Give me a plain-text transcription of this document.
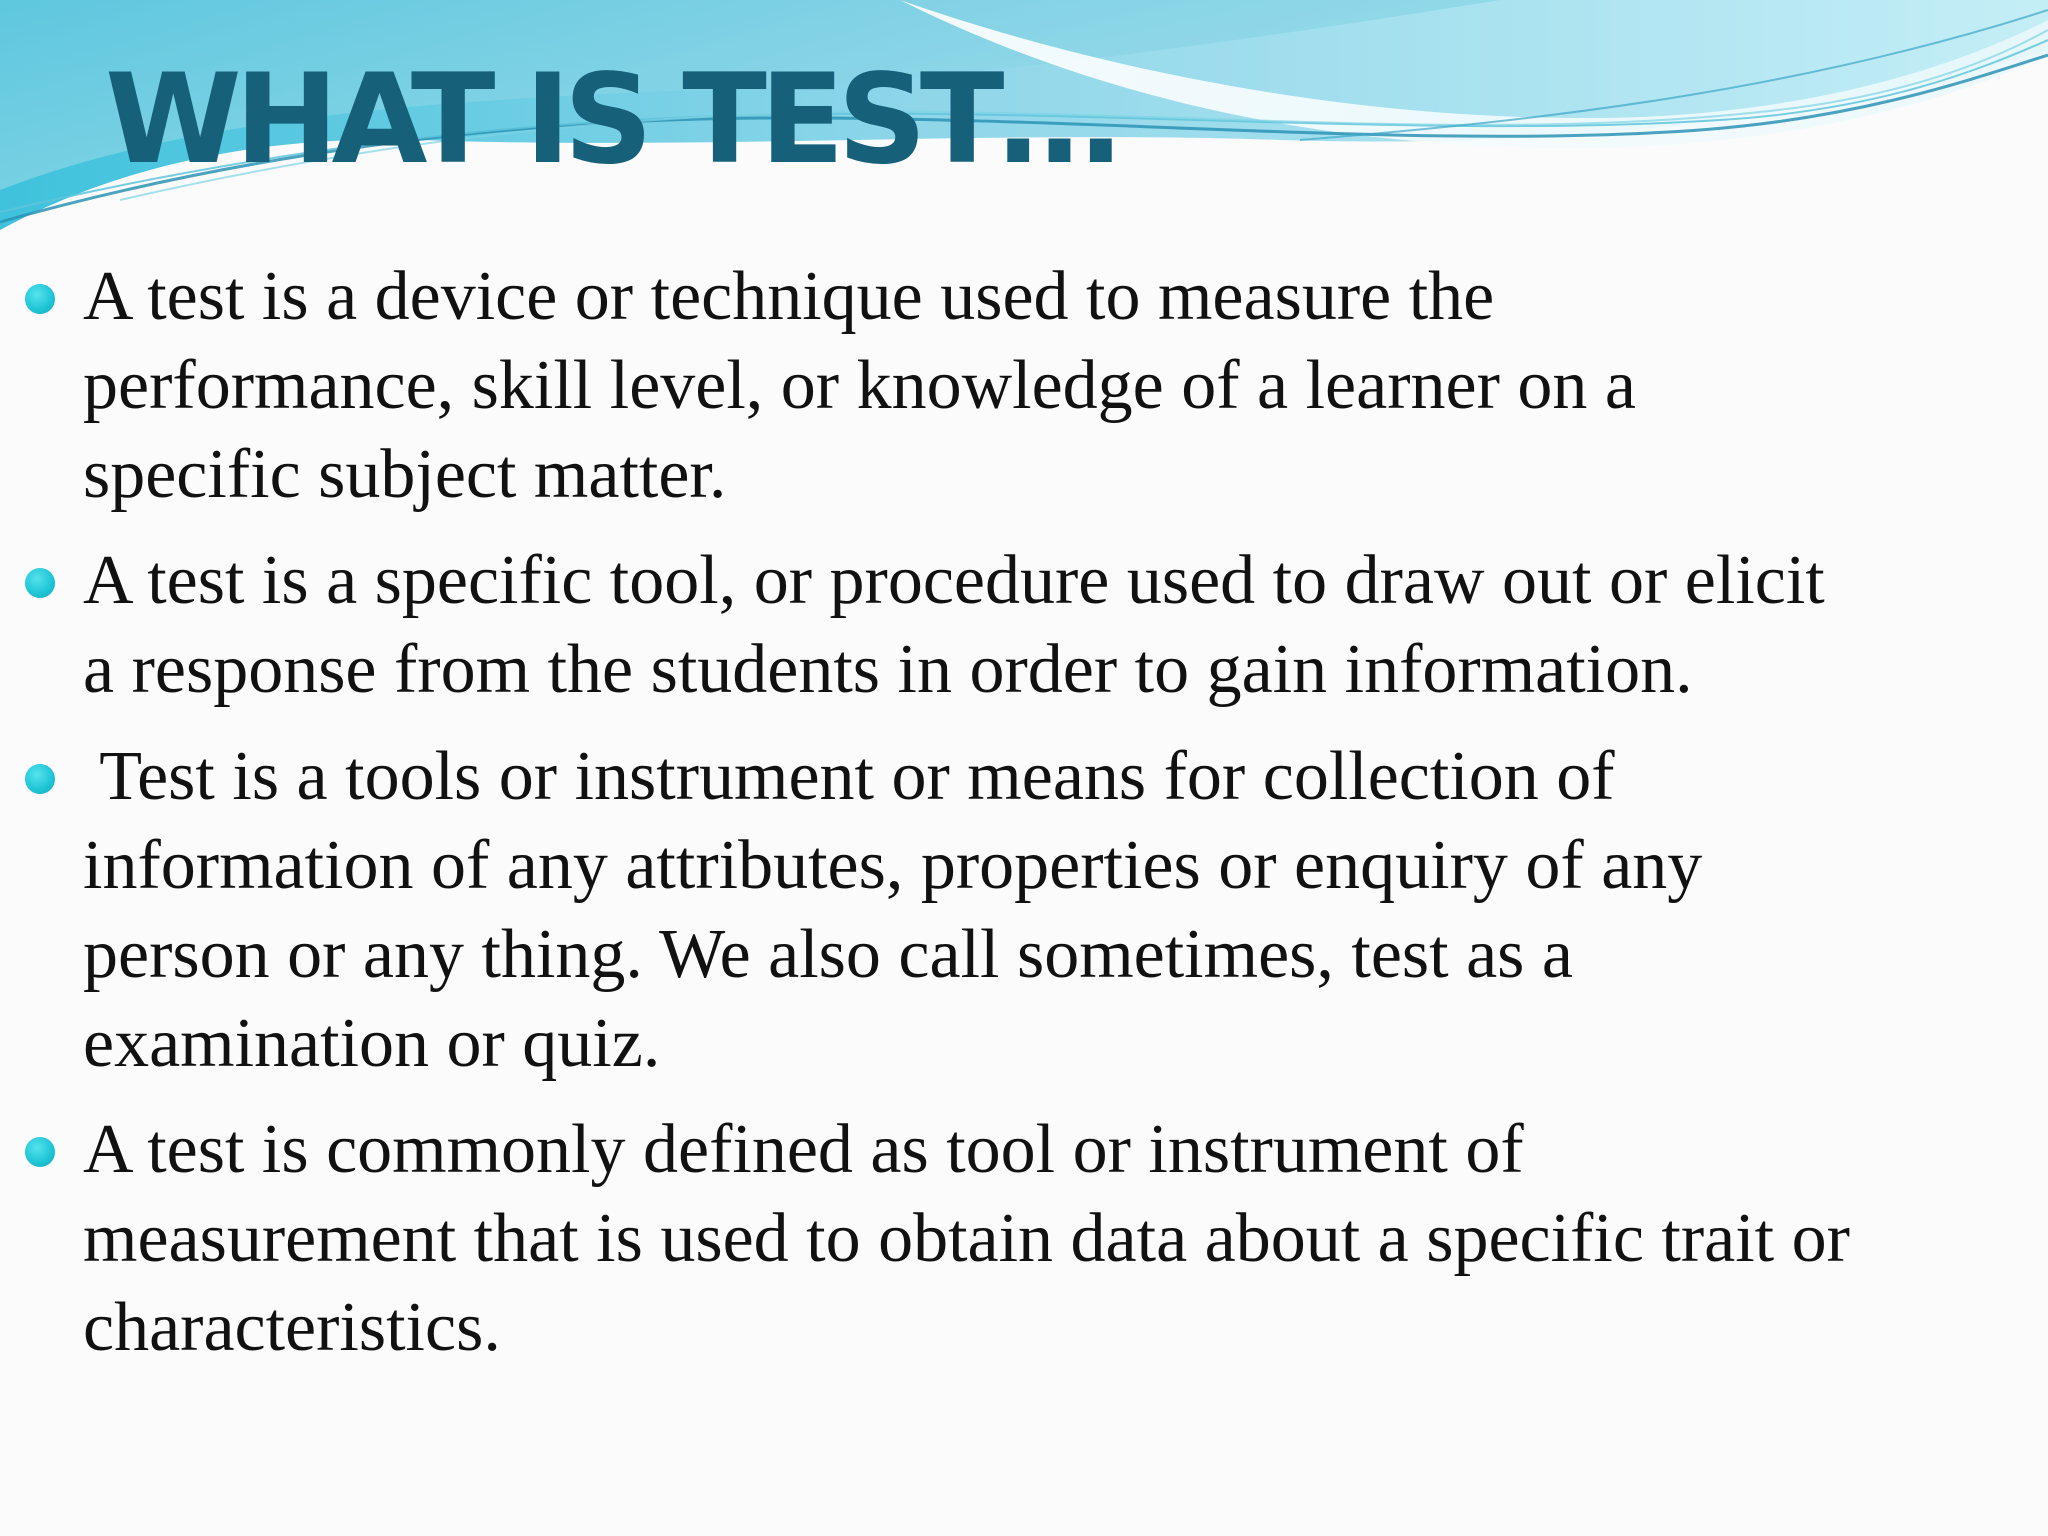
WHAT IS TEST…

A test is a device or technique used to measure the
performance, skill level, or knowledge of a learner on a
specific subject matter.

A test is a specific tool, or procedure used to draw out or elicit
a response from the students in order to gain information.

Test is a tools or instrument or means for collection of
information of any attributes, properties or enquiry of any
person or any thing. We also call sometimes, test as a
examination or quiz.

A test is commonly defined as tool or instrument of
measurement that is used to obtain data about a specific trait or
characteristics.
